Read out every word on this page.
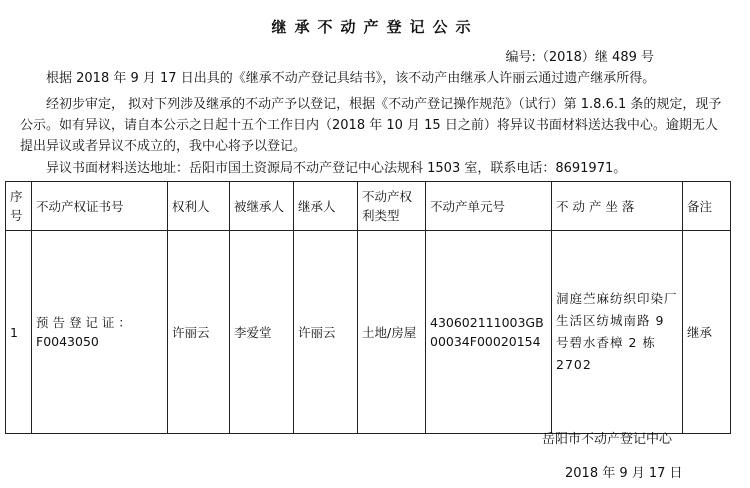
继承不动产登记公示
编号:（2018）继 489 号
根据 2018 年 9 月 17 日出具的《继承不动产登记具结书》，该不动产由继承人许丽云通过遗产继承所得。
经初步审定， 拟对下列涉及继承的不动产予以登记，根据《不动产登记操作规范》（试行）第 1.8.6.1 条的规定，现予公示。如有异议，请自本公示之日起十五个工作日内（2018 年 10 月 15 日之前）将异议书面材料送达我中心。逾期无人提出异议或者异议不成立的，我中心将予以登记。
异议书面材料送达地址：岳阳市国土资源局不动产登记中心法规科 1503 室，联系电话：8691971。
序号	不动产权证书号	权利人	被继承人	继承人	不动产权利类型	不动产单元号	不 动 产 坐 落	备注
1	预 告 登 记 证 ：F0043050	许丽云	李爱堂	许丽云	土地/房屋	430602111003GB00034F00020154	洞庭苎麻纺织印染厂生活区纺城南路 9 号碧水香樟 2 栋 2702	继承
岳阳市不动产登记中心
2018 年 9 月 17 日
